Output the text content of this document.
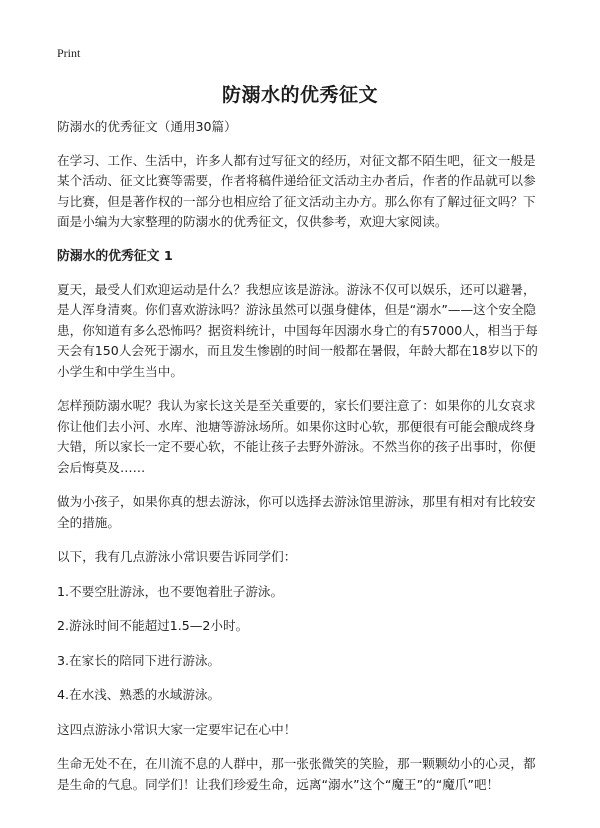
Print
防溺水的优秀征文

防溺水的优秀征文（通用30篇）

在学习、工作、生活中，许多人都有过写征文的经历，对征文都不陌生吧，征文一般是某个活动、征文比赛等需要，作者将稿件递给征文活动主办者后，作者的作品就可以参与比赛，但是著作权的一部分也相应给了征文活动主办方。那么你有了解过征文吗？下面是小编为大家整理的防溺水的优秀征文，仅供参考，欢迎大家阅读。

防溺水的优秀征文 1

夏天，最受人们欢迎运动是什么？我想应该是游泳。游泳不仅可以娱乐，还可以避暑，是人浑身清爽。你们喜欢游泳吗？游泳虽然可以强身健体，但是“溺水”——这个安全隐患，你知道有多么恐怖吗？据资料统计，中国每年因溺水身亡的有57000人，相当于每天会有150人会死于溺水，而且发生惨剧的时间一般都在暑假，年龄大都在18岁以下的小学生和中学生当中。

怎样预防溺水呢？我认为家长这关是至关重要的，家长们要注意了：如果你的儿女哀求你让他们去小河、水库、池塘等游泳场所。如果你这时心软，那便很有可能会酿成终身大错，所以家长一定不要心软，不能让孩子去野外游泳。不然当你的孩子出事时，你便会后悔莫及……

做为小孩子，如果你真的想去游泳，你可以选择去游泳馆里游泳，那里有相对有比较安全的措施。

以下，我有几点游泳小常识要告诉同学们：

1.不要空肚游泳，也不要饱着肚子游泳。

2.游泳时间不能超过1.5—2小时。

3.在家长的陪同下进行游泳。

4.在水浅、熟悉的水域游泳。

这四点游泳小常识大家一定要牢记在心中！

生命无处不在，在川流不息的人群中，那一张张微笑的笑脸，那一颗颗幼小的心灵，都是生命的气息。同学们！让我们珍爱生命，远离“溺水”这个“魔王”的“魔爪”吧！
